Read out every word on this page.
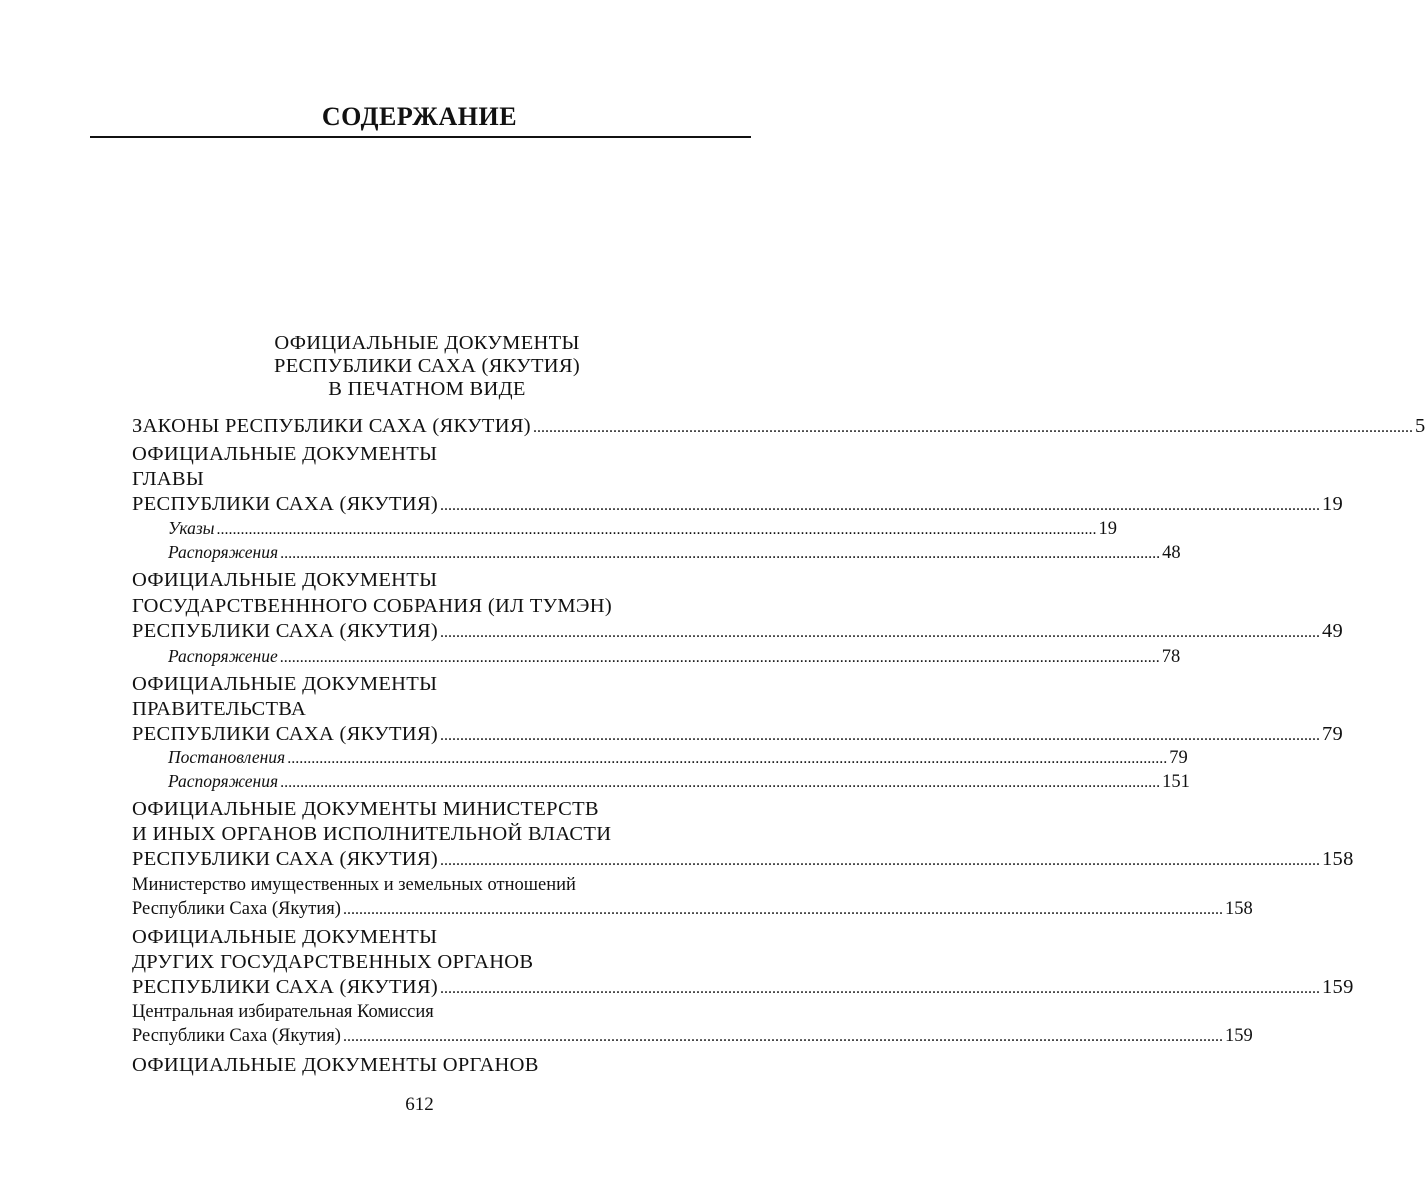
СОДЕРЖАНИЕ
ОФИЦИАЛЬНЫЕ ДОКУМЕНТЫ
РЕСПУБЛИКИ САХА (ЯКУТИЯ)
В ПЕЧАТНОМ ВИДЕ
ЗАКОНЫ РЕСПУБЛИКИ САХА (ЯКУТИЯ) ............................................................................................................................................................................................................................ 5
ОФИЦИАЛЬНЫЕ ДОКУМЕНТЫ
ГЛАВЫ
РЕСПУБЛИКИ САХА (ЯКУТИЯ) ............................................................................................................................................................................................................................ 19
Указы ............................................................................................................................................................................................................................ 19
Распоряжения ............................................................................................................................................................................................................................ 48
ОФИЦИАЛЬНЫЕ ДОКУМЕНТЫ
ГОСУДАРСТВЕНННОГО СОБРАНИЯ (ИЛ ТУМЭН)
РЕСПУБЛИКИ САХА (ЯКУТИЯ) ............................................................................................................................................................................................................................ 49
Распоряжение ............................................................................................................................................................................................................................ 78
ОФИЦИАЛЬНЫЕ ДОКУМЕНТЫ
ПРАВИТЕЛЬСТВА
РЕСПУБЛИКИ САХА (ЯКУТИЯ) ............................................................................................................................................................................................................................ 79
Постановления ............................................................................................................................................................................................................................ 79
Распоряжения ............................................................................................................................................................................................................................ 151
ОФИЦИАЛЬНЫЕ ДОКУМЕНТЫ МИНИСТЕРСТВ
И ИНЫХ ОРГАНОВ ИСПОЛНИТЕЛЬНОЙ ВЛАСТИ
РЕСПУБЛИКИ САХА (ЯКУТИЯ) ............................................................................................................................................................................................................................ 158
Министерство имущественных и земельных отношений
Республики Саха (Якутия) ............................................................................................................................................................................................................................ 158
ОФИЦИАЛЬНЫЕ ДОКУМЕНТЫ
ДРУГИХ ГОСУДАРСТВЕННЫХ ОРГАНОВ
РЕСПУБЛИКИ САХА (ЯКУТИЯ) ............................................................................................................................................................................................................................ 159
Центральная избирательная Комиссия
Республики Саха (Якутия) ............................................................................................................................................................................................................................ 159
ОФИЦИАЛЬНЫЕ ДОКУМЕНТЫ ОРГАНОВ
612
